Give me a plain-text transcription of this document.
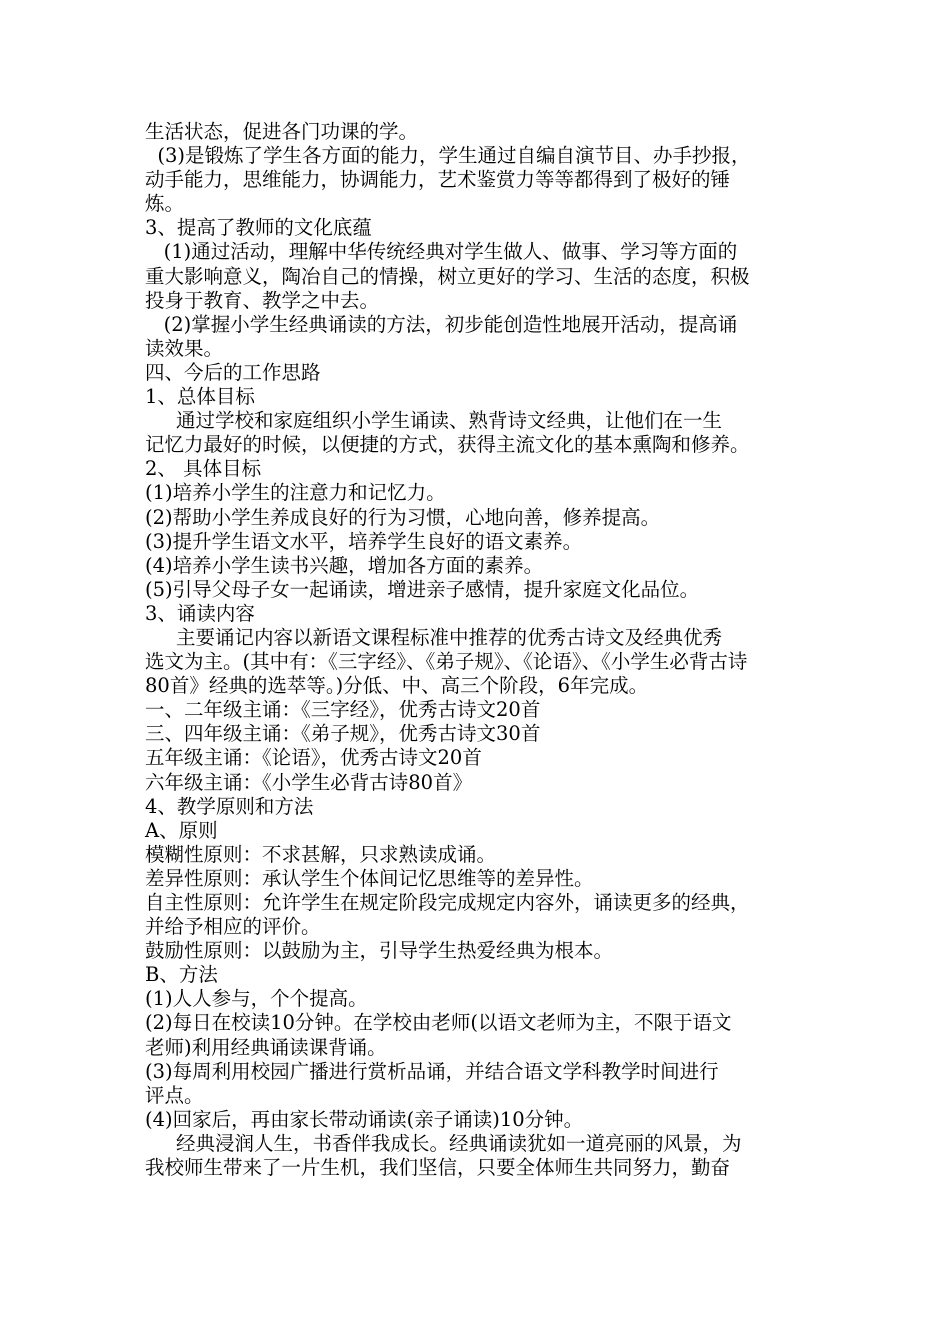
生活状态，促进各门功课的学。

(3)是锻炼了学生各方面的能力，学生通过自编自演节目、办手抄报，

动手能力，思维能力，协调能力，艺术鉴赏力等等都得到了极好的锤

炼。

3、提高了教师的文化底蕴

(1)通过活动，理解中华传统经典对学生做人、做事、学习等方面的

重大影响意义，陶冶自己的情操，树立更好的学习、生活的态度，积极

投身于教育、教学之中去。

(2)掌握小学生经典诵读的方法，初步能创造性地展开活动，提高诵

读效果。

四、今后的工作思路

1、总体目标

通过学校和家庭组织小学生诵读、熟背诗文经典，让他们在一生

记忆力最好的时候，以便捷的方式，获得主流文化的基本熏陶和修养。

2、 具体目标

(1)培养小学生的注意力和记忆力。

(2)帮助小学生养成良好的行为习惯，心地向善，修养提高。

(3)提升学生语文水平，培养学生良好的语文素养。

(4)培养小学生读书兴趣，增加各方面的素养。

(5)引导父母子女一起诵读，增进亲子感情，提升家庭文化品位。

3、诵读内容

主要诵记内容以新语文课程标准中推荐的优秀古诗文及经典优秀

选文为主。(其中有：《三字经》、《弟子规》、《论语》、《小学生必背古诗

80首》经典的选萃等。)分低、中、高三个阶段，6年完成。

一、二年级主诵：《三字经》，优秀古诗文20首

三、四年级主诵：《弟子规》，优秀古诗文30首

五年级主诵：《论语》，优秀古诗文20首

六年级主诵：《小学生必背古诗80首》

4、教学原则和方法

A、原则

模糊性原则：不求甚解，只求熟读成诵。

差异性原则：承认学生个体间记忆思维等的差异性。

自主性原则：允许学生在规定阶段完成规定内容外，诵读更多的经典，

并给予相应的评价。

鼓励性原则：以鼓励为主，引导学生热爱经典为根本。

B、方法

(1)人人参与，个个提高。

(2)每日在校读10分钟。在学校由老师(以语文老师为主，不限于语文

老师)利用经典诵读课背诵。

(3)每周利用校园广播进行赏析品诵，并结合语文学科教学时间进行

评点。

(4)回家后，再由家长带动诵读(亲子诵读)10分钟。

经典浸润人生，书香伴我成长。经典诵读犹如一道亮丽的风景，为

我校师生带来了一片生机，我们坚信，只要全体师生共同努力，勤奋
